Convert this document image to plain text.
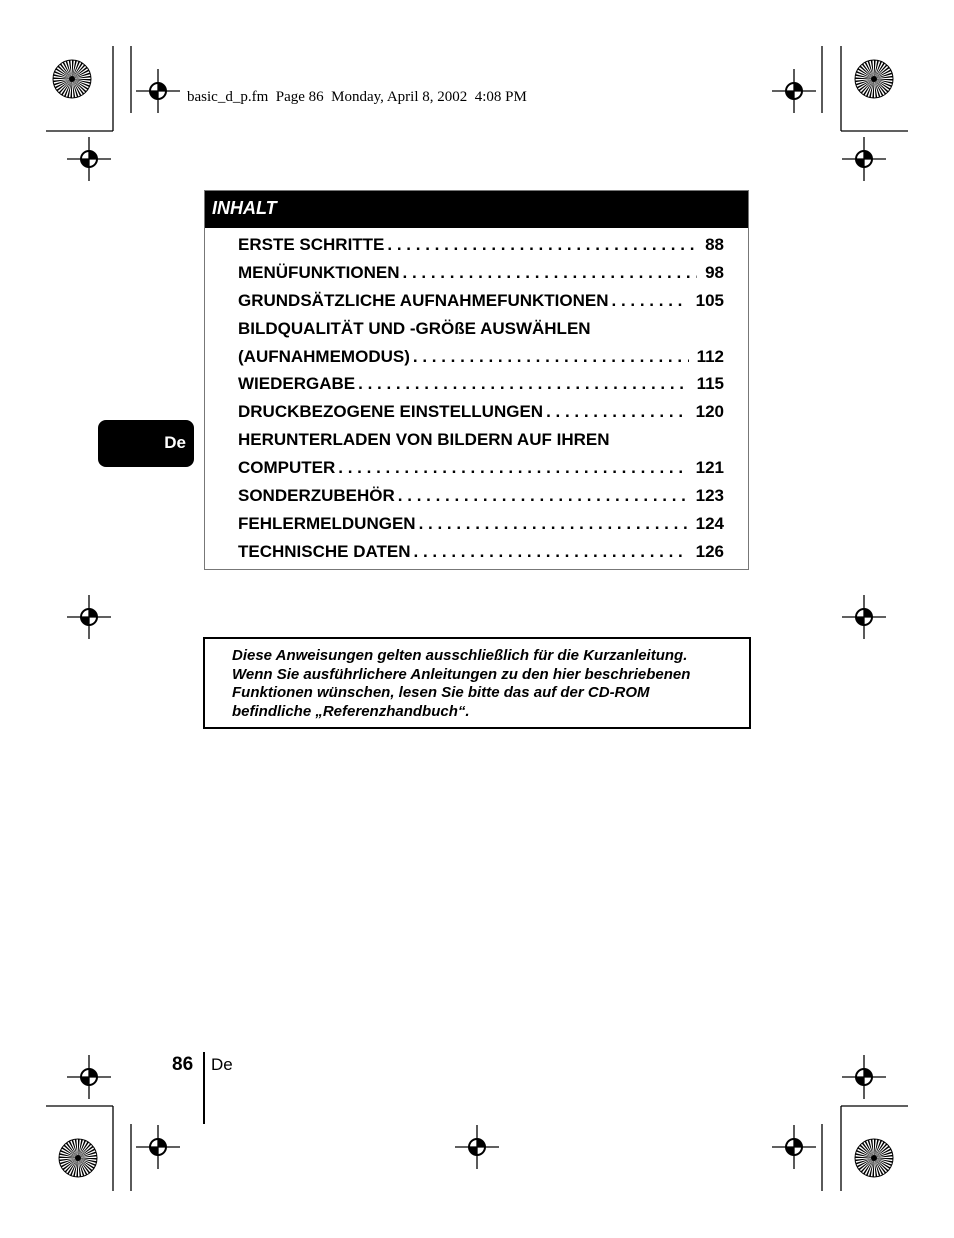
basic_d_p.fm  Page 86  Monday, April 8, 2002  4:08 PM
INHALT
ERSTE SCHRITTE . . .	88
MENÜFUNKTIONEN . . .	98
GRUNDSÄTZLICHE AUFNAHMEFUNKTIONEN . . .	105
BILDQUALITÄT UND -GRÖßE AUSWÄHLEN
(AUFNAHMEMODUS) . . .	112
WIEDERGABE . . .	115
DRUCKBEZOGENE EINSTELLUNGEN . . .	120
HERUNTERLADEN VON BILDERN AUF IHREN
COMPUTER . . .	121
SONDERZUBEHÖR . . .	123
FEHLERMELDUNGEN . . .	124
TECHNISCHE DATEN . . .	126
De
Diese Anweisungen gelten ausschließlich für die Kurzanleitung.
Wenn Sie ausführlichere Anleitungen zu den hier beschriebenen
Funktionen wünschen, lesen Sie bitte das auf der CD-ROM
befindliche „Referenzhandbuch“.
86 De
